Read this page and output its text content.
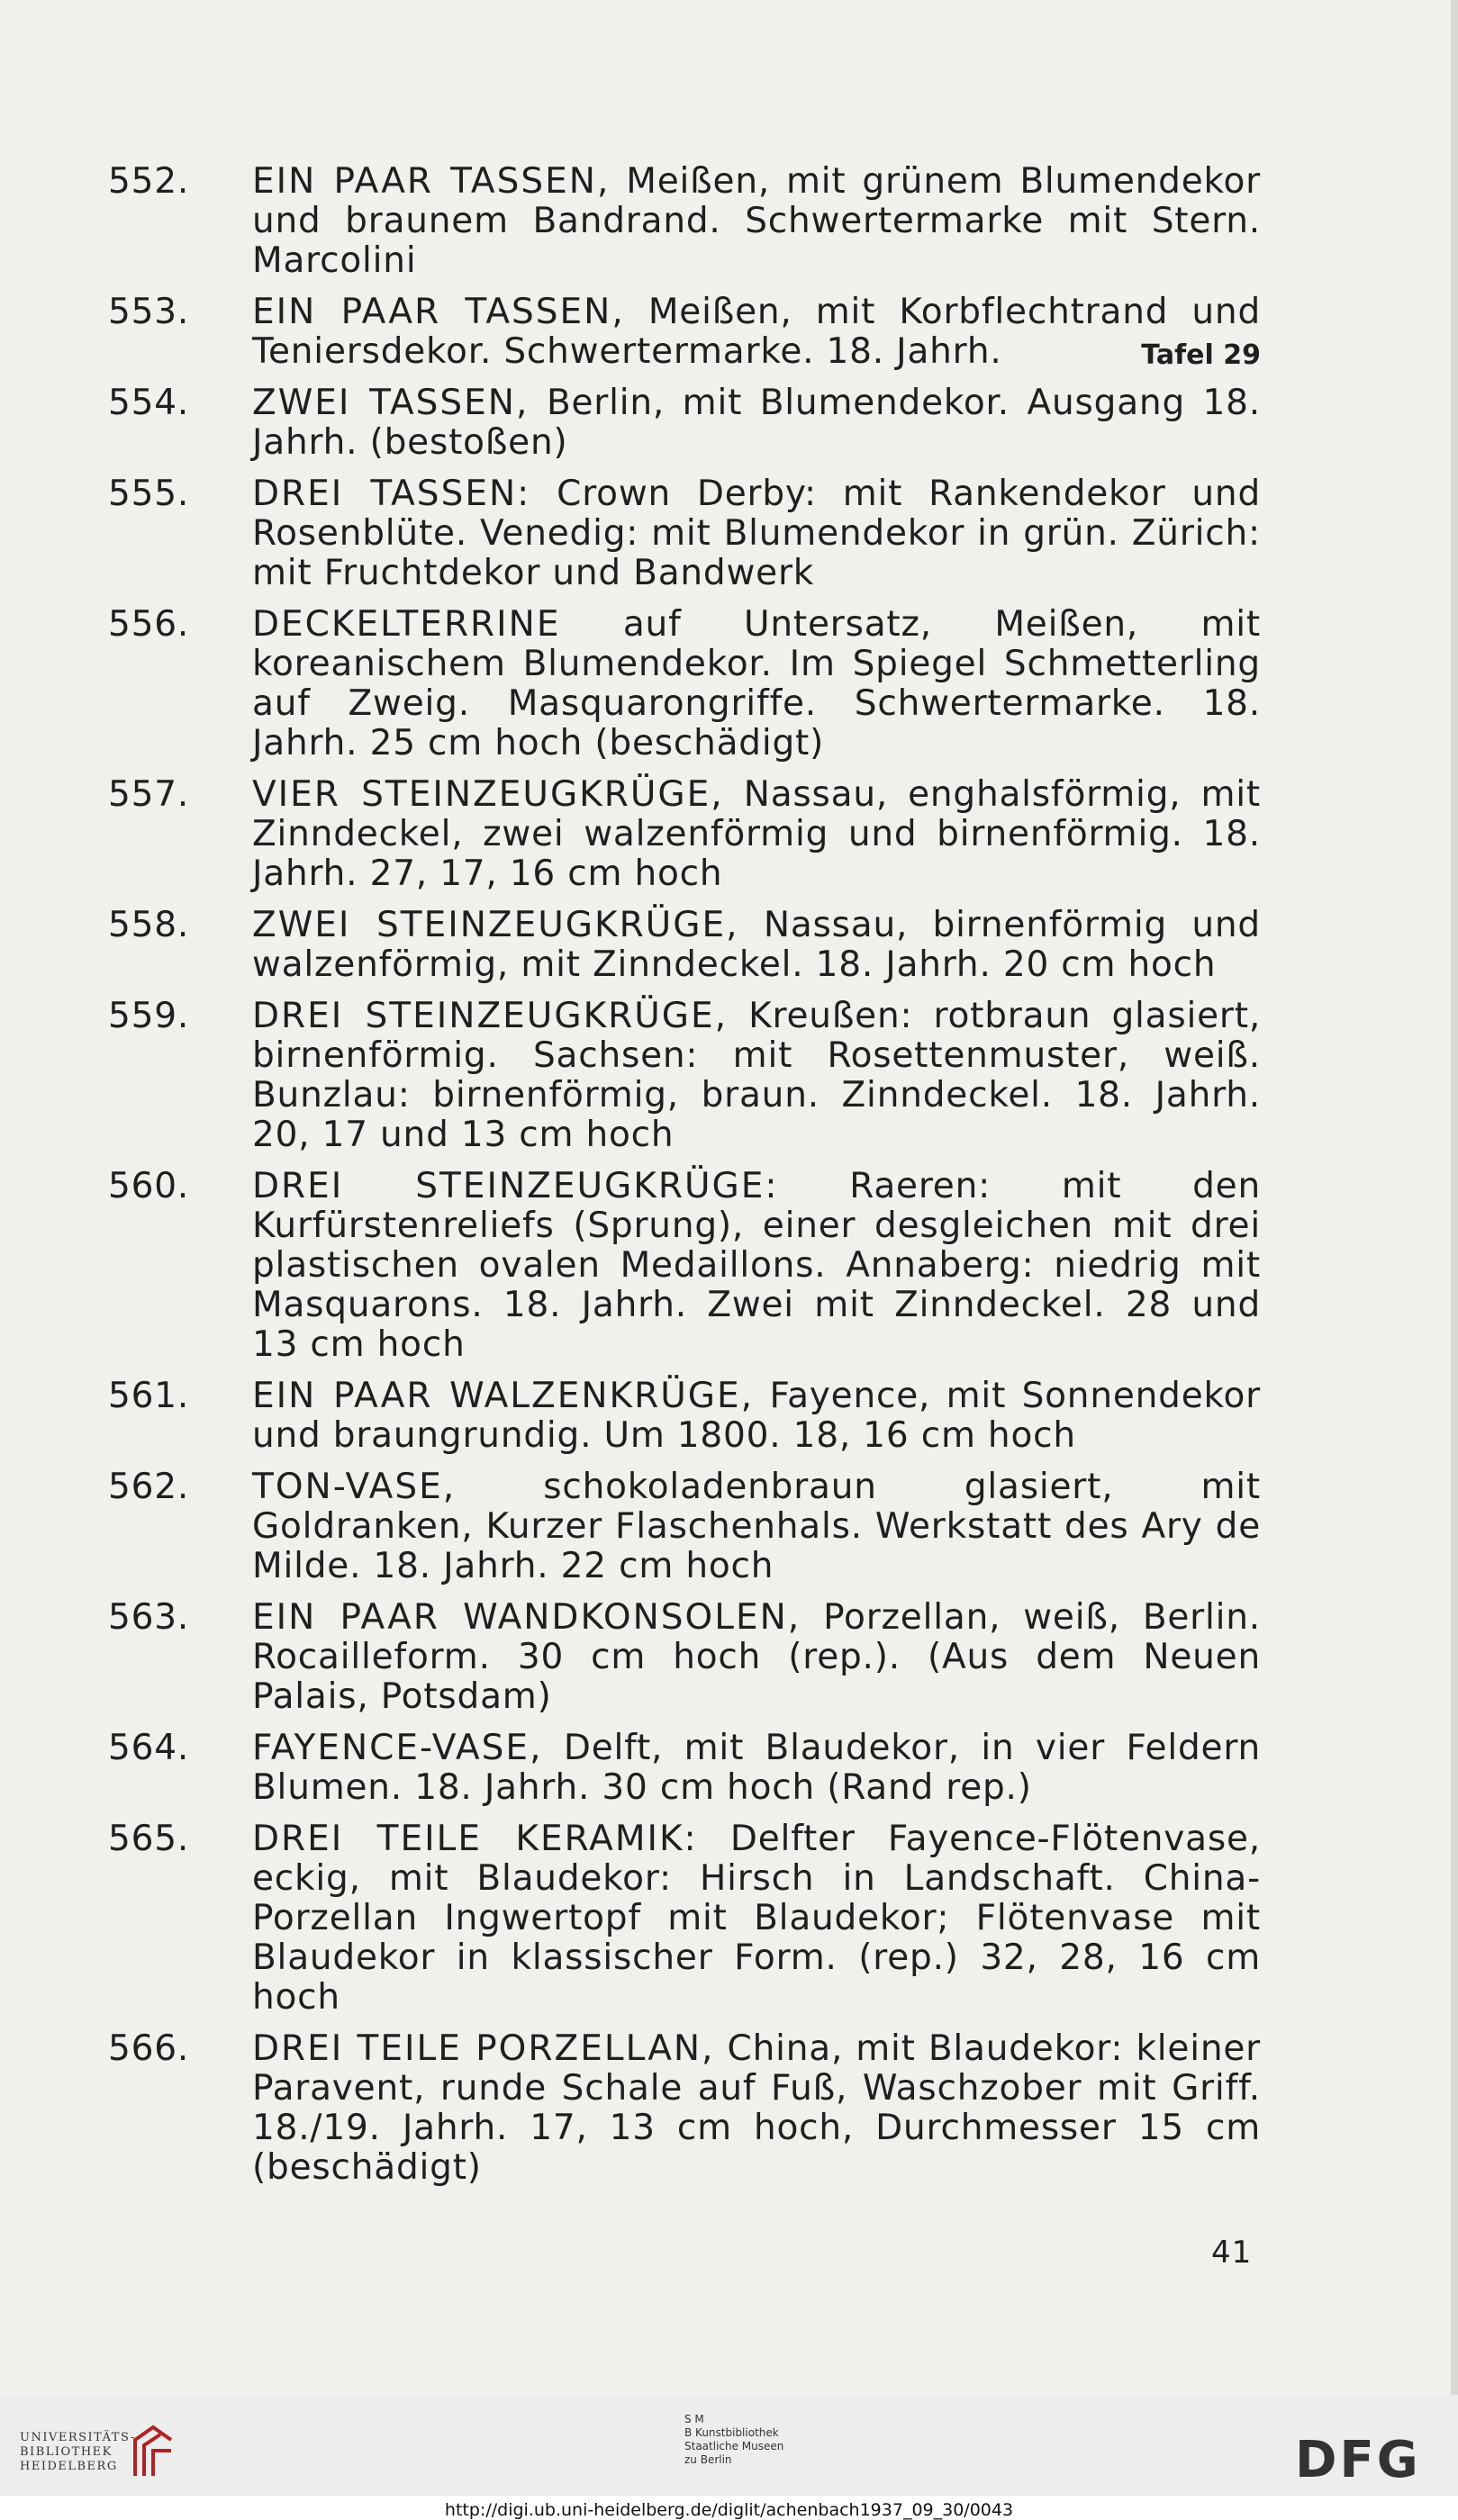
552. EIN PAAR TASSEN, Meißen, mit grünem Blumendekor und braunem Bandrand. Schwertermarke mit Stern. Marcolini
553. EIN PAAR TASSEN, Meißen, mit Korbflechtrand und Teniersdekor. Schwertermarke. 18. Jahrh.	Tafel 29
554. ZWEI TASSEN, Berlin, mit Blumendekor. Ausgang 18. Jahrh. (bestoßen)
555. DREI TASSEN: Crown Derby: mit Rankendekor und Rosenblüte. Venedig: mit Blumendekor in grün. Zürich: mit Fruchtdekor und Bandwerk
556. DECKELTERRINE auf Untersatz, Meißen, mit koreanischem Blumendekor. Im Spiegel Schmetterling auf Zweig. Masquarongriffe. Schwertermarke. 18. Jahrh. 25 cm hoch (beschädigt)
557. VIER STEINZEUGKRÜGE, Nassau, enghalsförmig, mit Zinndeckel, zwei walzenförmig und birnenförmig. 18. Jahrh. 27, 17, 16 cm hoch
558. ZWEI STEINZEUGKRÜGE, Nassau, birnenförmig und walzenförmig, mit Zinndeckel. 18. Jahrh. 20 cm hoch
559. DREI STEINZEUGKRÜGE, Kreußen: rotbraun glasiert, birnenförmig. Sachsen: mit Rosettenmuster, weiß. Bunzlau: birnenförmig, braun. Zinndeckel. 18. Jahrh. 20, 17 und 13 cm hoch
560. DREI STEINZEUGKRÜGE: Raeren: mit den Kurfürstenreliefs (Sprung), einer desgleichen mit drei plastischen ovalen Medaillons. Annaberg: niedrig mit Masquarons. 18. Jahrh. Zwei mit Zinndeckel. 28 und 13 cm hoch
561. EIN PAAR WALZENKRÜGE, Fayence, mit Sonnendekor und braungrundig. Um 1800. 18, 16 cm hoch
562. TON-VASE, schokoladenbraun glasiert, mit Goldranken, Kurzer Flaschenhals. Werkstatt des Ary de Milde. 18. Jahrh. 22 cm hoch
563. EIN PAAR WANDKONSOLEN, Porzellan, weiß, Berlin. Rocailleform. 30 cm hoch (rep.). (Aus dem Neuen Palais, Potsdam)
564. FAYENCE-VASE, Delft, mit Blaudekor, in vier Feldern Blumen. 18. Jahrh. 30 cm hoch (Rand rep.)
565. DREI TEILE KERAMIK: Delfter Fayence-Flötenvase, eckig, mit Blaudekor: Hirsch in Landschaft. China-Porzellan Ingwertopf mit Blaudekor; Flötenvase mit Blaudekor in klassischer Form. (rep.) 32, 28, 16 cm hoch
566. DREI TEILE PORZELLAN, China, mit Blaudekor: kleiner Paravent, runde Schale auf Fuß, Waschzober mit Griff. 18./19. Jahrh. 17, 13 cm hoch, Durchmesser 15 cm (beschädigt)
41
UNIVERSITÄTS-
BIBLIOTHEK
HEIDELBERG
S M
B Kunstbibliothek
Staatliche Museen
zu Berlin	DFG
http://digi.ub.uni-heidelberg.de/diglit/achenbach1937_09_30/0043
